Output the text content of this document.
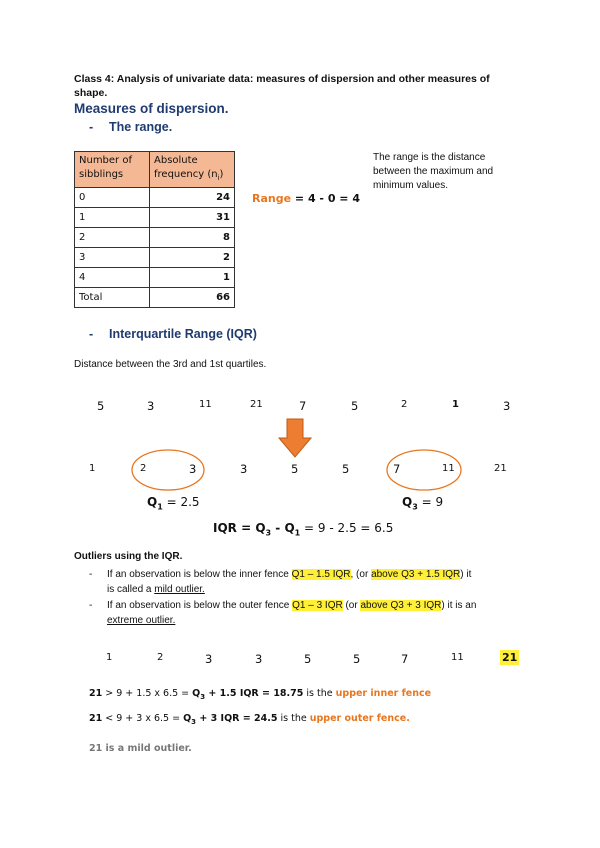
Class 4: Analysis of univariate data: measures of dispersion and other measures of shape.
Measures of dispersion.
- The range.
Number of sibblings	Absolute frequency $(n_i)$
0	24
1	31
2	8
3	2
4	1
Total	66
Range = 4 - 0 = 4
The range is the distance between the maximum and minimum values.
- Interquartile Range (IQR)
Distance between the 3rd and 1st quartiles.
5	3	11	21	7	5	2	1	3
1	2	3	3	5	5	7	11	21
$Q_1 = 2.5$	$Q_3 = 9$
IQR = $Q_3 - Q_1 = 9 - 2.5 = 6.5$
Outliers using the IQR.
- If an observation is below the inner fence Q1 – 1.5 IQR, (or above Q3 + 1.5 IQR) it
is called a mild outlier.
- If an observation is below the outer fence Q1 – 3 IQR (or above Q3 + 3 IQR) it is an
extreme outlier.
1	2	3	3	5	5	7	11	21
21 > 9 + 1.5 x $6.5 = Q_3 + 1.5$ IQR = 18.75 is the upper inner fence
21 < 9 + 3 x $6.5 = Q_3 + 3$ IQR = 24.5 is the upper outer fence.
21 is a mild outlier.
